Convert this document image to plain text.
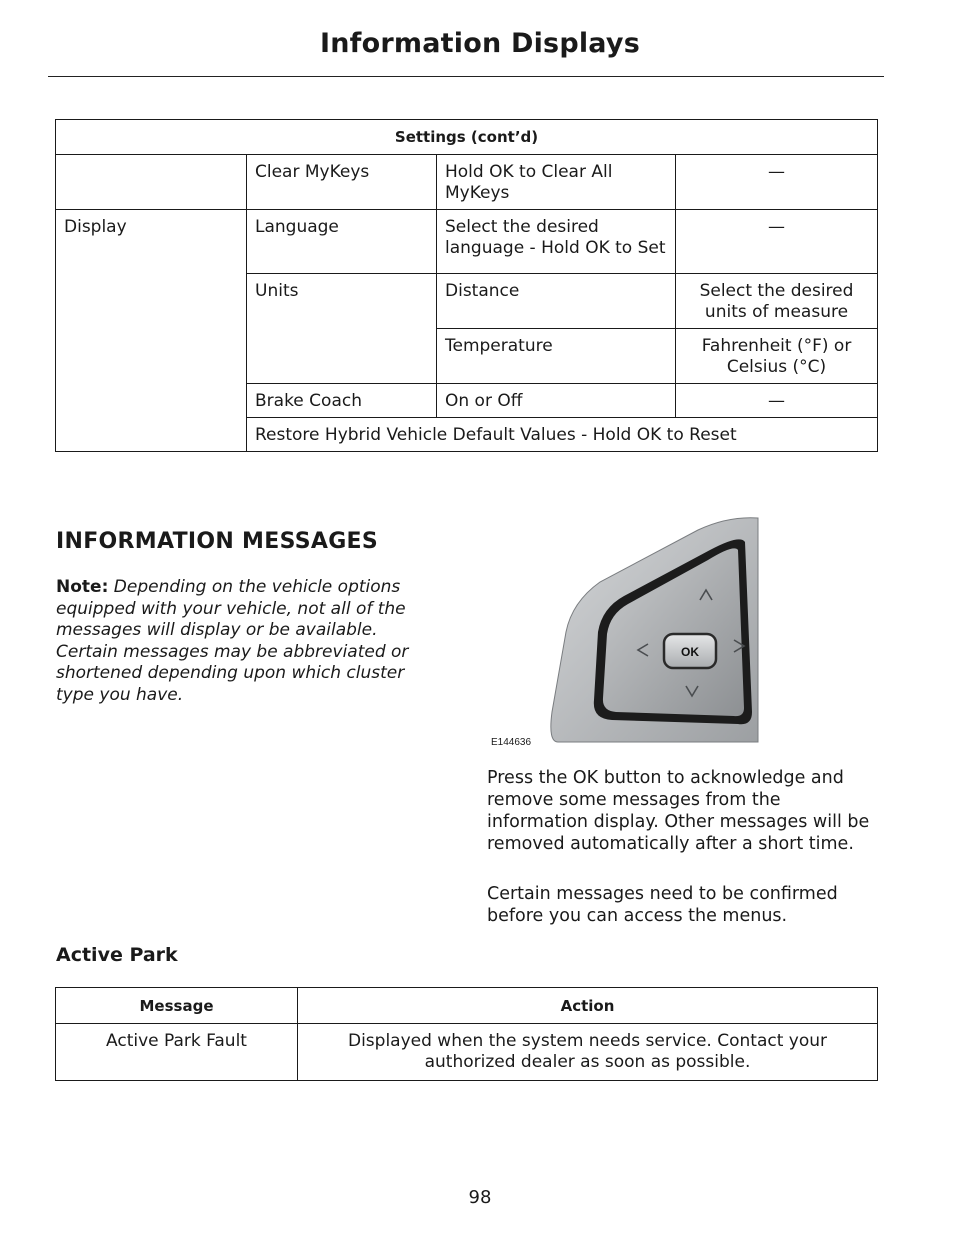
Information Displays
Settings (cont’d)			
	Clear MyKeys	Hold OK to Clear All MyKeys	—
Display	Language	Select the desired language - Hold OK to Set	—
	Units	Distance	Select the desired units of measure
		Temperature	Fahrenheit (°F) or Celsius (°C)
	Brake Coach	On or Off	—
	Restore Hybrid Vehicle Default Values - Hold OK to Reset		
INFORMATION MESSAGES
Note: Depending on the vehicle options equipped with your vehicle, not all of the messages will display or be available. Certain messages may be abbreviated or shortened depending upon which cluster type you have.
OK
E144636
Press the OK button to acknowledge and remove some messages from the information display. Other messages will be removed automatically after a short time.
Certain messages need to be confirmed before you can access the menus.
Active Park
Message	Action
Active Park Fault	Displayed when the system needs service. Contact your authorized dealer as soon as possible.
98
